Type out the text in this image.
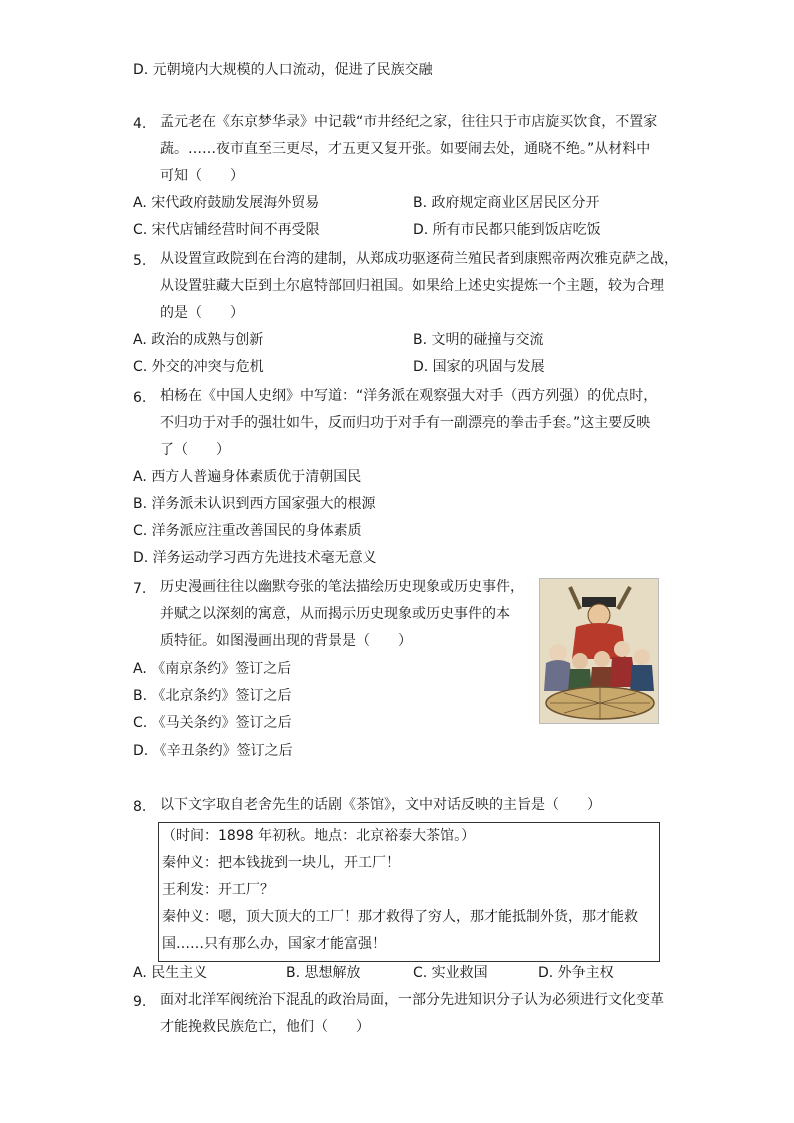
D. 元朝境内大规模的人口流动，促进了民族交融
4. 孟元老在《东京梦华录》中记载“市井经纪之家，往往只于市店旋买饮食，不置家
蔬。……夜市直至三更尽，才五更又复开张。如要闹去处，通晓不绝。”从材料中
可知（　　）
A. 宋代政府鼓励发展海外贸易	B. 政府规定商业区居民区分开
C. 宋代店铺经营时间不再受限	D. 所有市民都只能到饭店吃饭
5. 从设置宣政院到在台湾的建制，从郑成功驱逐荷兰殖民者到康熙帝两次雅克萨之战，
从设置驻藏大臣到土尔扈特部回归祖国。如果给上述史实提炼一个主题，较为合理
的是（　　）
A. 政治的成熟与创新	B. 文明的碰撞与交流
C. 外交的冲突与危机	D. 国家的巩固与发展
6. 柏杨在《中国人史纲》中写道：“洋务派在观察强大对手（西方列强）的优点时，
不归功于对手的强壮如牛，反而归功于对手有一副漂亮的拳击手套。”这主要反映
了（　　）
A. 西方人普遍身体素质优于清朝国民
B. 洋务派未认识到西方国家强大的根源
C. 洋务派应注重改善国民的身体素质
D. 洋务运动学习西方先进技术毫无意义
7. 历史漫画往往以幽默夸张的笔法描绘历史现象或历史事件，
并赋之以深刻的寓意，从而揭示历史现象或历史事件的本
质特征。如图漫画出现的背景是（　　）
A. 《南京条约》签订之后
B. 《北京条约》签订之后
C. 《马关条约》签订之后
D. 《辛丑条约》签订之后
8. 以下文字取自老舍先生的话剧《茶馆》，文中对话反映的主旨是（　　）
（时间：1898 年初秋。地点：北京裕泰大茶馆。）
秦仲义：把本钱拢到一块儿，开工厂！
王利发：开工厂？
秦仲义：嗯，顶大顶大的工厂！那才救得了穷人，那才能抵制外货，那才能救
国……只有那么办，国家才能富强！
A. 民生主义	B. 思想解放	C. 实业救国	D. 外争主权
9. 面对北洋军阀统治下混乱的政治局面，一部分先进知识分子认为必须进行文化变革
才能挽救民族危亡，他们（　　）
